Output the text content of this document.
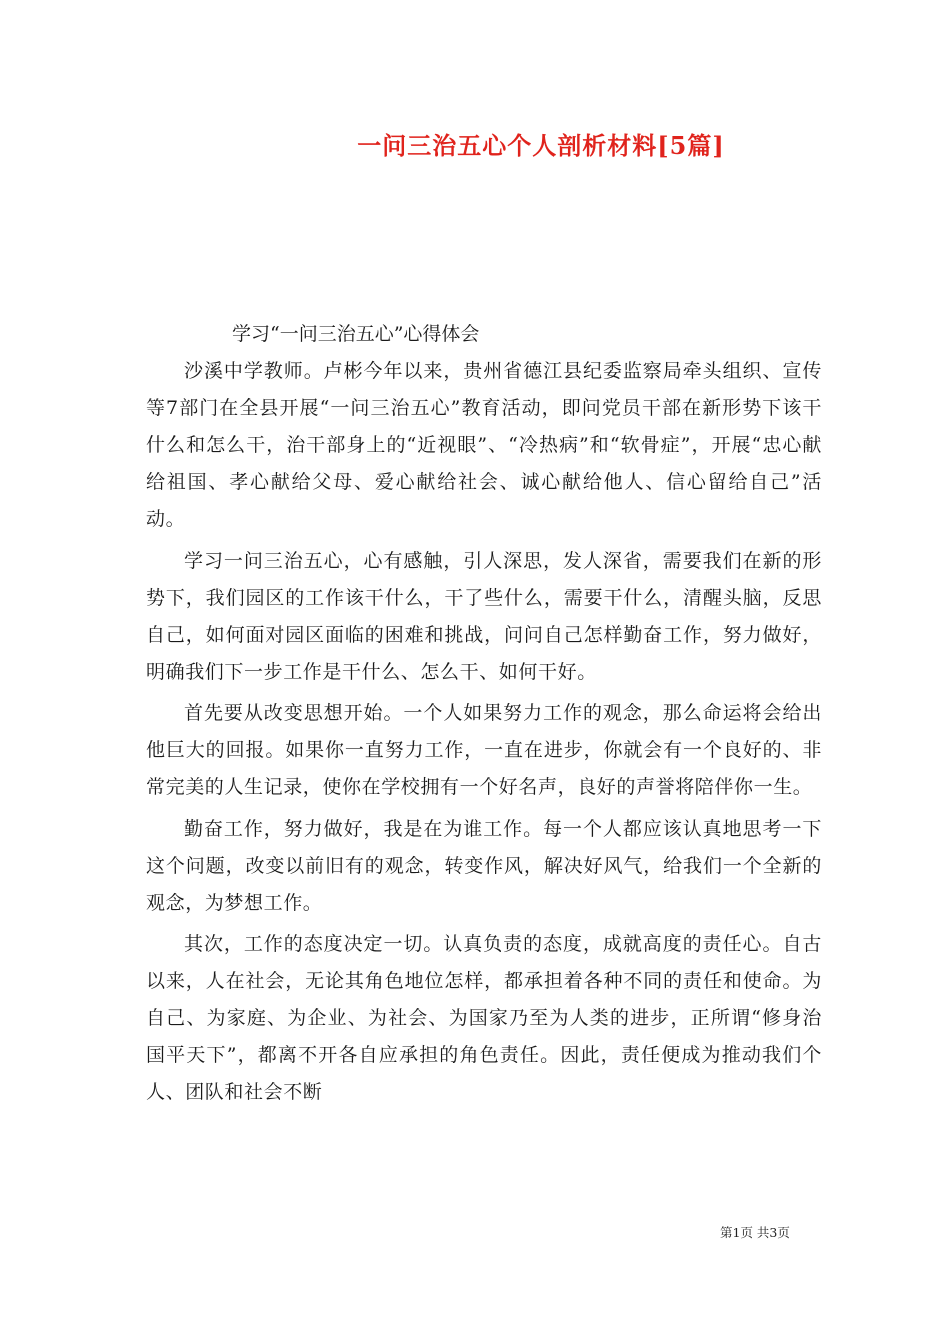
一问三治五心个人剖析材料[5篇]
学习“一问三治五心”心得体会

沙溪中学教师。卢彬今年以来，贵州省德江县纪委监察局牵头组织、宣传等7部门在全县开展“一问三治五心”教育活动，即问党员干部在新形势下该干什么和怎么干，治干部身上的“近视眼”、“冷热病”和“软骨症”，开展“忠心献给祖国、孝心献给父母、爱心献给社会、诚心献给他人、信心留给自己”活动。

学习一问三治五心，心有感触，引人深思，发人深省，需要我们在新的形势下，我们园区的工作该干什么，干了些什么，需要干什么，清醒头脑，反思自己，如何面对园区面临的困难和挑战，问问自己怎样勤奋工作，努力做好，明确我们下一步工作是干什么、怎么干、如何干好。

首先要从改变思想开始。一个人如果努力工作的观念，那么命运将会给出他巨大的回报。如果你一直努力工作，一直在进步，你就会有一个良好的、非常完美的人生记录，使你在学校拥有一个好名声，良好的声誉将陪伴你一生。

勤奋工作，努力做好，我是在为谁工作。每一个人都应该认真地思考一下这个问题，改变以前旧有的观念，转变作风，解决好风气，给我们一个全新的观念，为梦想工作。

其次，工作的态度决定一切。认真负责的态度，成就高度的责任心。自古以来，人在社会，无论其角色地位怎样，都承担着各种不同的责任和使命。为自己、为家庭、为企业、为社会、为国家乃至为人类的进步，正所谓“修身治国平天下”，都离不开各自应承担的角色责任。因此，责任便成为推动我们个人、团队和社会不断

第1页 共3页
